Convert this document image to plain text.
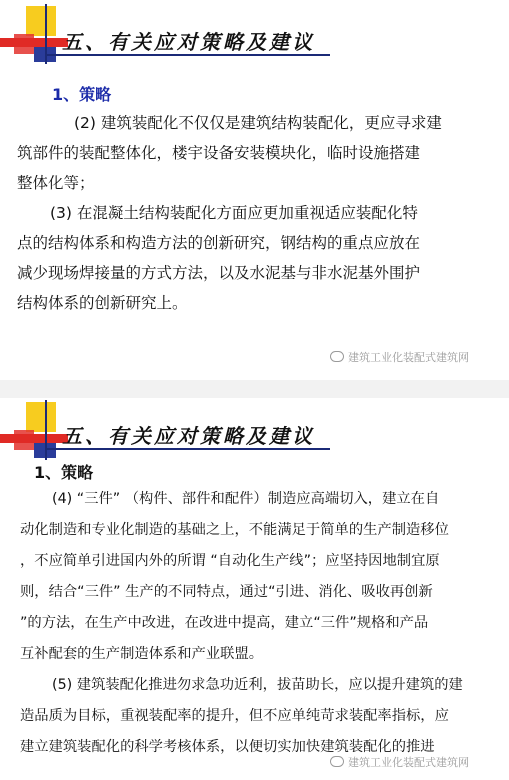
五、有关应对策略及建议
1、策略
(2) 建筑装配化不仅仅是建筑结构装配化，更应寻求建
筑部件的装配整体化，楼宇设备安装模块化，临时设施搭建
整体化等；
(3) 在混凝土结构装配化方面应更加重视适应装配化特
点的结构体系和构造方法的创新研究，钢结构的重点应放在
减少现场焊接量的方式方法，以及水泥基与非水泥基外围护
结构体系的创新研究上。
建筑工业化装配式建筑网
五、有关应对策略及建议
1、策略
(4) “三件” （构件、部件和配件）制造应高端切入，建立在自
动化制造和专业化制造的基础之上，不能满足于简单的生产制造移位
，不应简单引进国内外的所谓 “自动化生产线”；应坚持因地制宜原
则，结合“三件” 生产的不同特点，通过“引进、消化、吸收再创新
”的方法，在生产中改进，在改进中提高，建立“三件”规格和产品
互补配套的生产制造体系和产业联盟。
(5) 建筑装配化推进勿求急功近利，拔苗助长，应以提升建筑的建
造品质为目标，重视装配率的提升，但不应单纯苛求装配率指标，应
建立建筑装配化的科学考核体系，以便切实加快建筑装配化的推进
建筑工业化装配式建筑网
